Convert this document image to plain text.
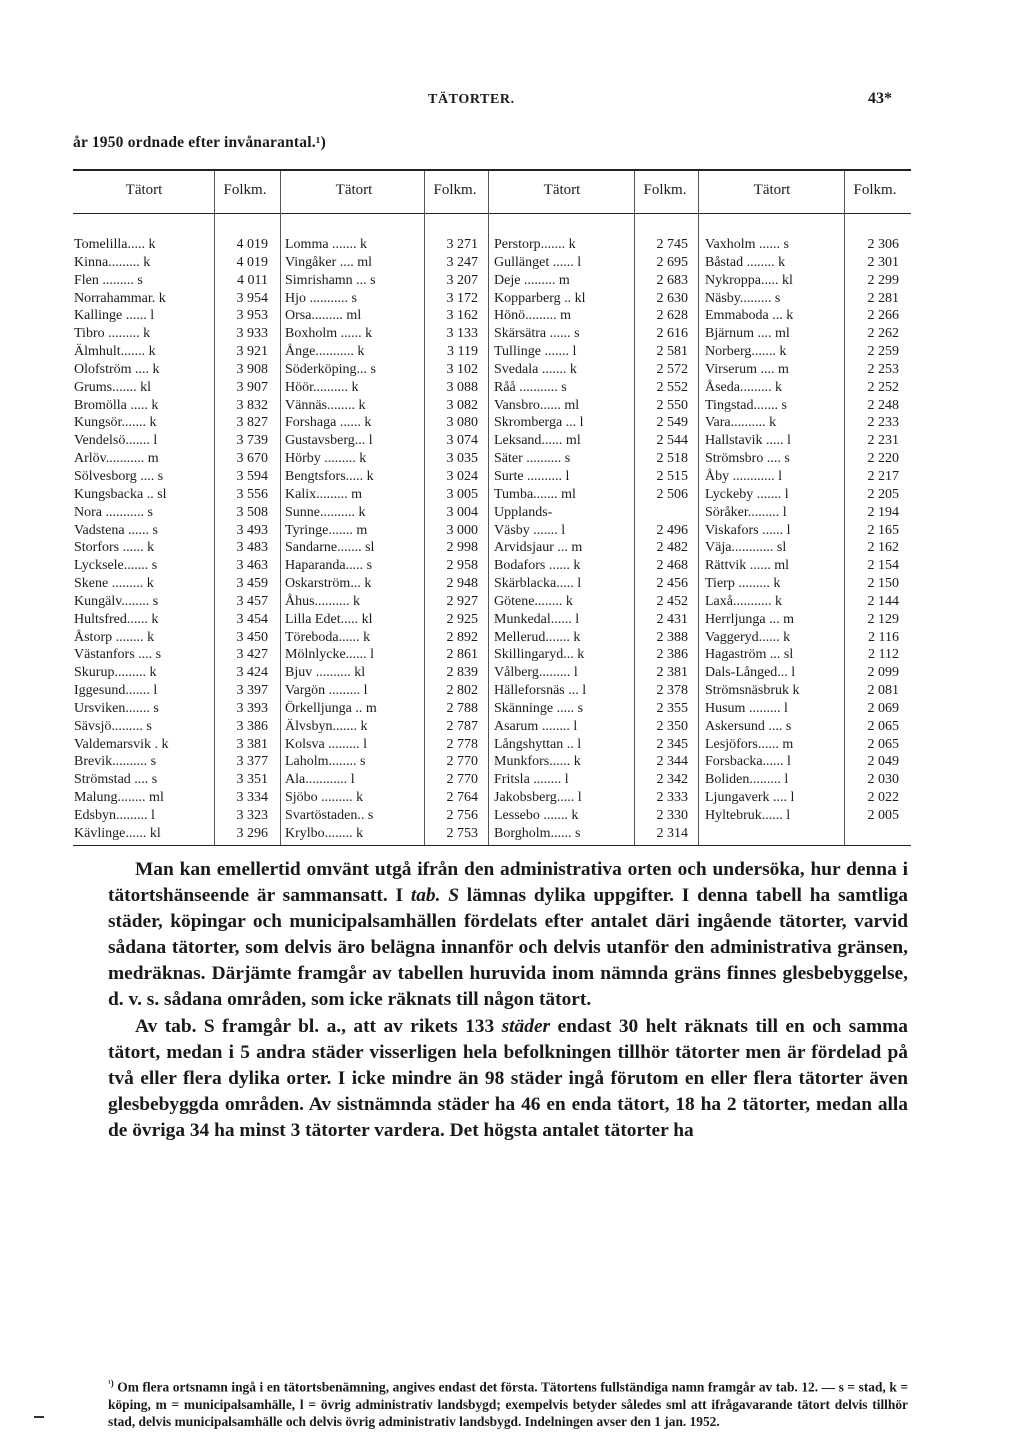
år 1950 ordnade efter invånarantal.¹)
TÄTORTER.	43*
Tätort	Folkm.	Tätort	Folkm.	Tätort	Folkm.	Tätort	Folkm.
Tomelilla..... k	4 019
Kinna......... k	4 019
Flen ......... s	4 011
Norrahammar. k	3 954
Kallinge ...... l	3 953
Tibro ......... k	3 933
Älmhult....... k	3 921
Olofström .... k	3 908
Grums....... kl	3 907
Bromölla ..... k	3 832
Kungsör....... k	3 827
Vendelsö....... l	3 739
Arlöv........... m	3 670
Sölvesborg .... s	3 594
Kungsbacka .. sl	3 556
Nora ........... s	3 508
Vadstena ...... s	3 493
Storfors ...... k	3 483
Lycksele....... s	3 463
Skene ......... k	3 459
Kungälv........ s	3 457
Hultsfred...... k	3 454
Åstorp ........ k	3 450
Västanfors .... s	3 427
Skurup......... k	3 424
Iggesund....... l	3 397
Ursviken....... s	3 393
Sävsjö......... s	3 386
Valdemarsvik . k	3 381
Brevik.......... s	3 377
Strömstad .... s	3 351
Malung........ ml	3 334
Edsbyn......... l	3 323
Kävlinge...... kl	3 296
Lomma ....... k	3 271
Vingåker .... ml	3 247
Simrishamn ... s	3 207
Hjo ........... s	3 172
Orsa......... ml	3 162
Boxholm ...... k	3 133
Ånge........... k	3 119
Söderköping... s	3 102
Höör.......... k	3 088
Vännäs........ k	3 082
Forshaga ...... k	3 080
Gustavsberg... l	3 074
Hörby ......... k	3 035
Bengtsfors..... k	3 024
Kalix......... m	3 005
Sunne.......... k	3 004
Tyringe....... m	3 000
Sandarne....... sl	2 998
Haparanda..... s	2 958
Oskarström... k	2 948
Åhus.......... k	2 927
Lilla Edet..... kl	2 925
Töreboda...... k	2 892
Mölnlycke...... l	2 861
Bjuv .......... kl	2 839
Vargön ......... l	2 802
Örkelljunga .. m	2 788
Älvsbyn....... k	2 787
Kolsva ......... l	2 778
Laholm........ s	2 770
Ala............ l	2 770
Sjöbo ......... k	2 764
Svartöstaden.. s	2 756
Krylbo........ k	2 753
Perstorp....... k	2 745
Gullänget ...... l	2 695
Deje ......... m	2 683
Kopparberg .. kl	2 630
Hönö......... m	2 628
Skärsätra ...... s	2 616
Tullinge ....... l	2 581
Svedala ....... k	2 572
Råå ........... s	2 552
Vansbro...... ml	2 550
Skromberga ... l	2 549
Leksand...... ml	2 544
Säter .......... s	2 518
Surte .......... l	2 515
Tumba....... ml	2 506
Upplands-
Väsby ....... l	2 496
Arvidsjaur ... m	2 482
Bodafors ...... k	2 468
Skärblacka..... l	2 456
Götene........ k	2 452
Munkedal...... l	2 431
Mellerud....... k	2 388
Skillingaryd... k	2 386
Vålberg......... l	2 381
Hälleforsnäs ... l	2 378
Skänninge ..... s	2 355
Asarum ........ l	2 350
Långshyttan .. l	2 345
Munkfors...... k	2 344
Fritsla ........ l	2 342
Jakobsberg..... l	2 333
Lessebo ....... k	2 330
Borgholm...... s	2 314
Vaxholm ...... s	2 306
Båstad ........ k	2 301
Nykroppa..... kl	2 299
Näsby......... s	2 281
Emmaboda ... k	2 266
Bjärnum .... ml	2 262
Norberg....... k	2 259
Virserum .... m	2 253
Åseda......... k	2 252
Tingstad....... s	2 248
Vara.......... k	2 233
Hallstavik ..... l	2 231
Strömsbro .... s	2 220
Åby ............ l	2 217
Lyckeby ....... l	2 205
Söråker......... l	2 194
Viskafors ...... l	2 165
Väja............ sl	2 162
Rättvik ...... ml	2 154
Tierp ......... k	2 150
Laxå........... k	2 144
Herrljunga ... m	2 129
Vaggeryd...... k	2 116
Hagaström ... sl	2 112
Dals-Långed... l	2 099
Strömsnäsbruk k	2 081
Husum ......... l	2 069
Askersund .... s	2 065
Lesjöfors...... m	2 065
Forsbacka...... l	2 049
Boliden......... l	2 030
Ljungaverk .... l	2 022
Hyltebruk...... l	2 005

Man kan emellertid omvänt utgå ifrån den administrativa orten och undersöka, hur denna i tätortshänseende är sammansatt. I tab. S lämnas dylika uppgifter. I denna tabell ha samtliga städer, köpingar och municipalsamhällen fördelats efter antalet däri ingående tätorter, varvid sådana tätorter, som delvis äro belägna innanför och delvis utanför den administrativa gränsen, medräknas. Därjämte framgår av tabellen huruvida inom nämnda gräns finnes glesbebyggelse, d. v. s. sådana områden, som icke räknats till någon tätort.

Av tab. S framgår bl. a., att av rikets 133 städer endast 30 helt räknats till en och samma tätort, medan i 5 andra städer visserligen hela befolkningen tillhör tätorter men är fördelad på två eller flera dylika orter. I icke mindre än 98 städer ingå förutom en eller flera tätorter även glesbebyggda områden. Av sistnämnda städer ha 46 en enda tätort, 18 ha 2 tätorter, medan alla de övriga 34 ha minst 3 tätorter vardera. Det högsta antalet tätorter ha

$^{^1)}$ Om flera ortsnamn ingå i en tätortsbenämning, angives endast det första. Tätortens fullständiga namn framgår av tab. 12. — s = stad, k = köping, m = municipalsamhälle, l = övrig administrativ landsbygd; exempelvis betyder således sml att ifrågavarande tätort delvis tillhör stad, delvis municipalsamhälle och delvis övrig administrativ landsbygd. Indelningen avser den 1 jan. 1952.
